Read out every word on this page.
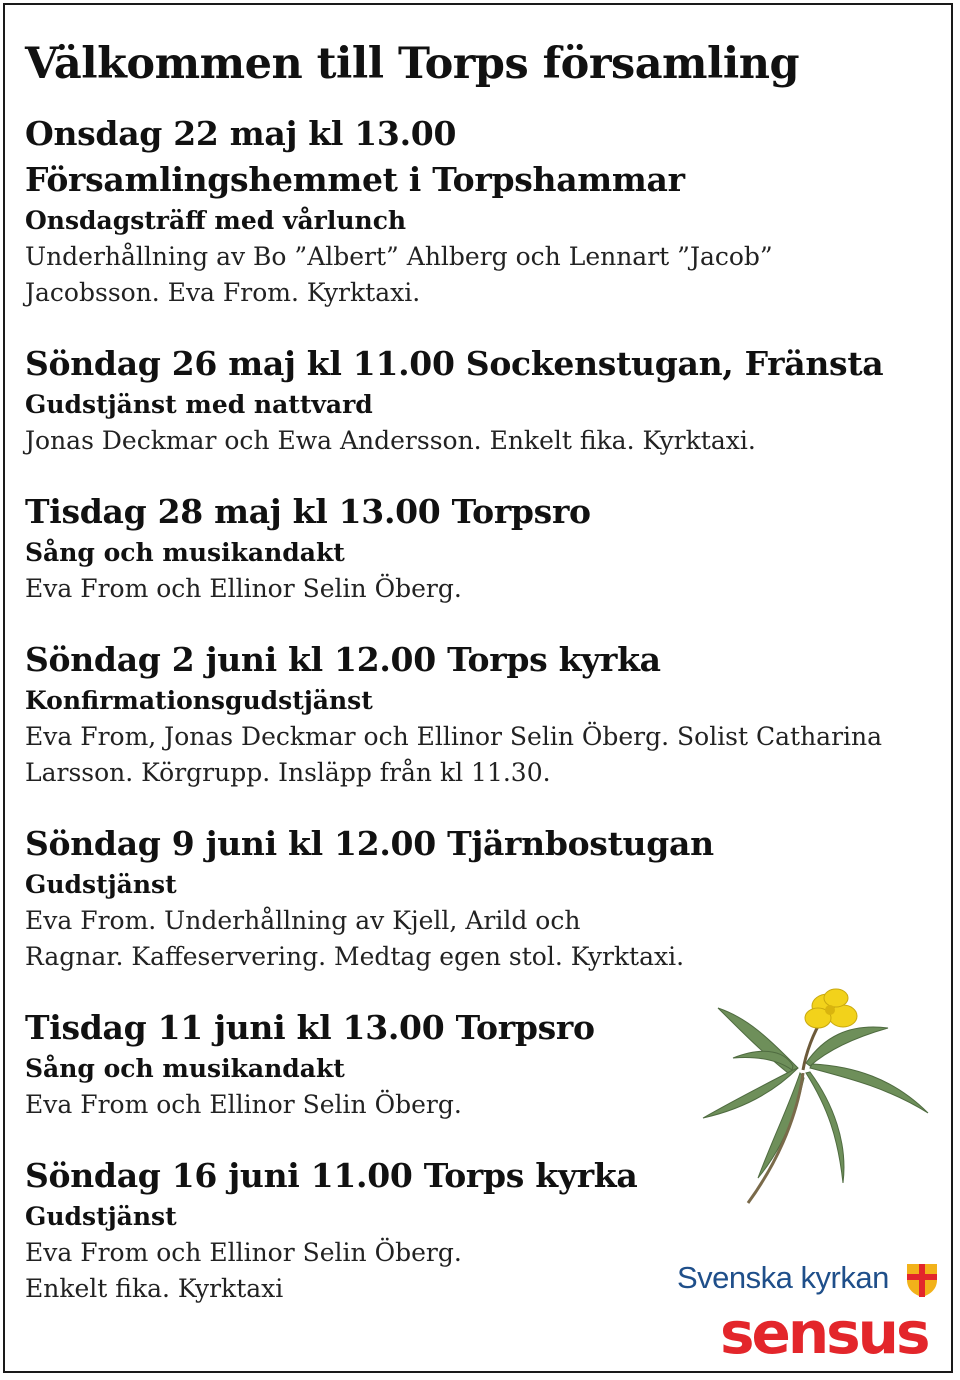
Välkommen till Torps församling
Onsdag 22 maj kl 13.00
Församlingshemmet i Torpshammar
Onsdagsträff med vårlunch
Underhållning av Bo ”Albert” Ahlberg och Lennart ”Jacob” Jacobsson. Eva From. Kyrktaxi.
Söndag 26 maj kl 11.00 Sockenstugan, Fränsta
Gudstjänst med nattvard
Jonas Deckmar och Ewa Andersson. Enkelt fika. Kyrktaxi.
Tisdag 28 maj kl 13.00 Torpsro
Sång och musikandakt
Eva From och Ellinor Selin Öberg.
Söndag 2 juni kl 12.00 Torps kyrka
Konfirmationsgudstjänst
Eva From, Jonas Deckmar och Ellinor Selin Öberg. Solist Catharina Larsson. Körgrupp. Insläpp från kl 11.30.
Söndag 9 juni kl 12.00 Tjärnbostugan
Gudstjänst
Eva From. Underhållning av Kjell, Arild och Ragnar. Kaffeservering. Medtag egen stol. Kyrktaxi.
Tisdag 11 juni kl 13.00 Torpsro
Sång och musikandakt
Eva From och Ellinor Selin Öberg.
Söndag 16 juni 11.00 Torps kyrka
Gudstjänst
Eva From och Ellinor Selin Öberg.
Enkelt fika. Kyrktaxi	Svenska kyrkan
sensus
